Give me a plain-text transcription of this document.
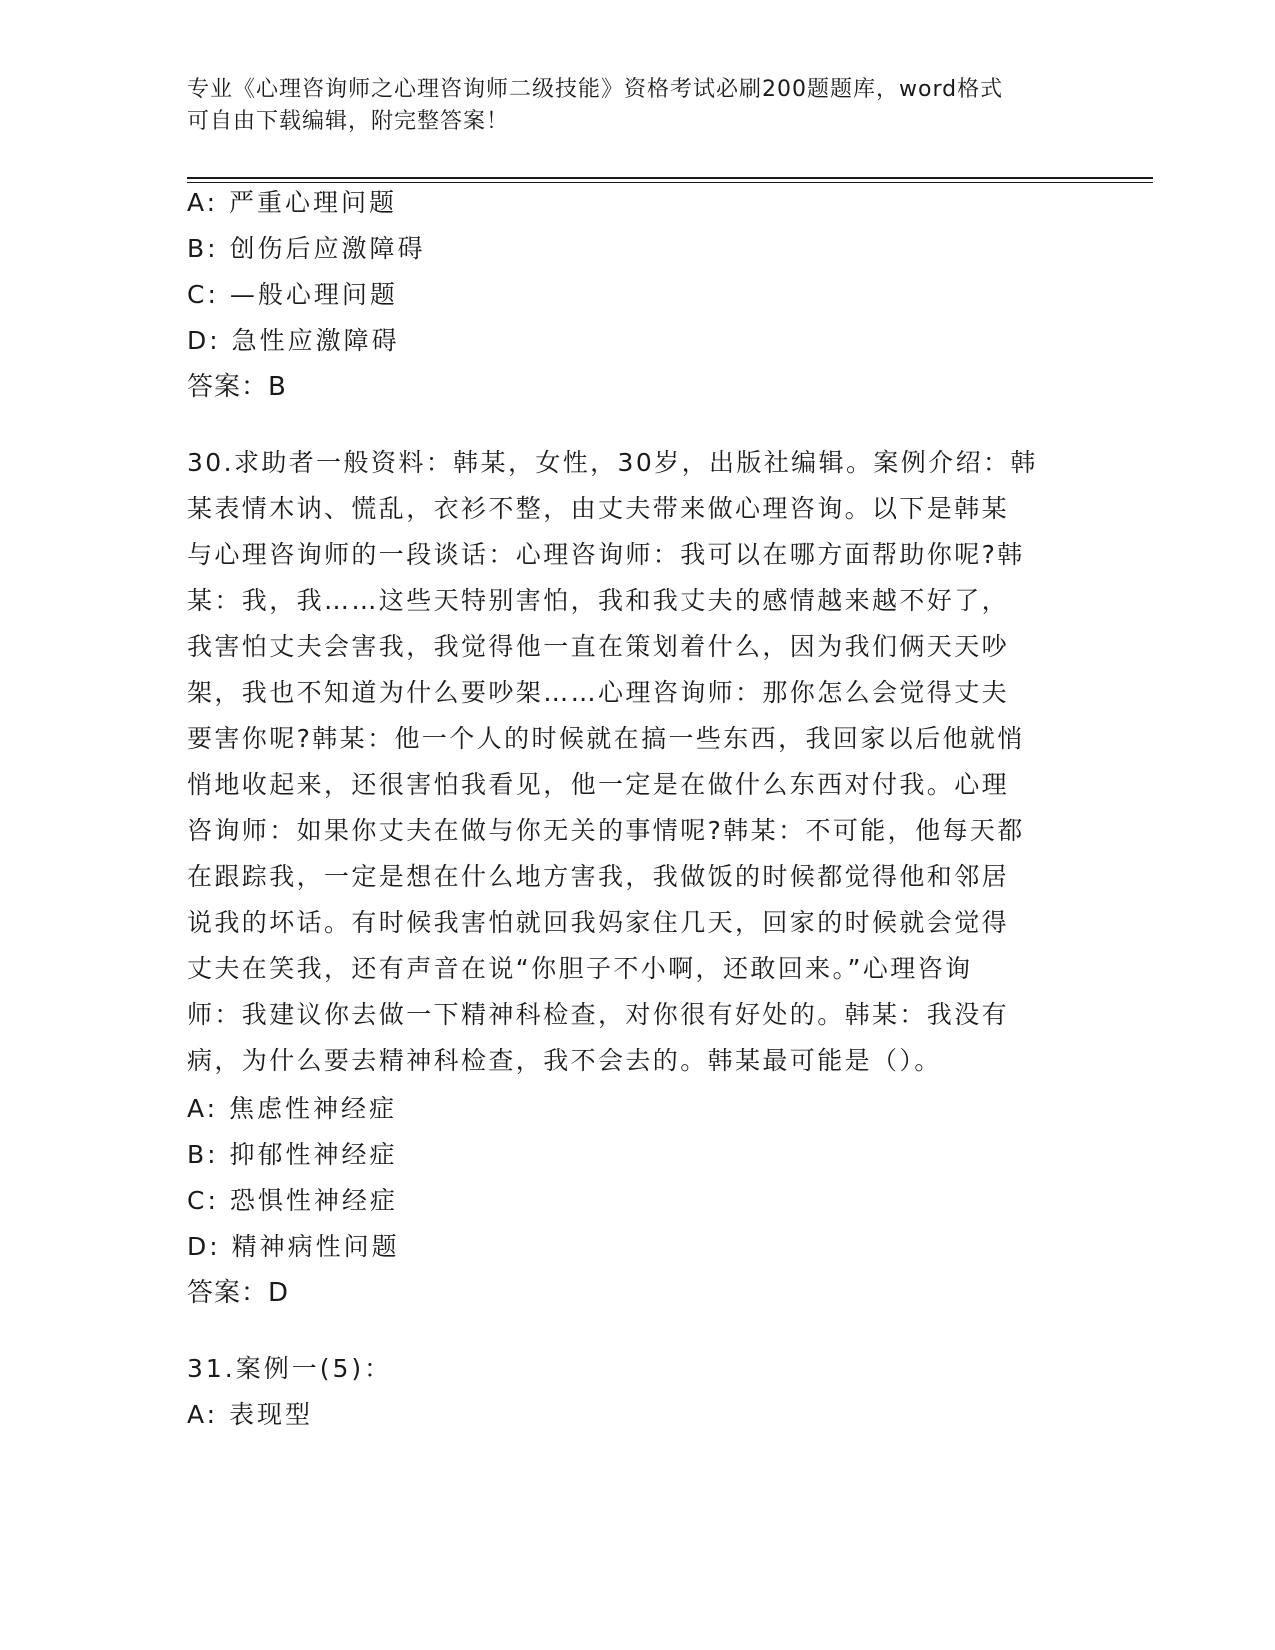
专业《心理咨询师之心理咨询师二级技能》资格考试必刷200题题库，word格式
可自由下载编辑，附完整答案！
A: 严重心理问题
B: 创伤后应激障碍
C: —般心理问题
D: 急性应激障碍
答案：B
30.求助者一般资料：韩某，女性，30岁，出版社编辑。案例介绍：韩
某表情木讷、慌乱，衣衫不整，由丈夫带来做心理咨询。以下是韩某
与心理咨询师的一段谈话：心理咨询师：我可以在哪方面帮助你呢?韩
某：我，我……这些天特别害怕，我和我丈夫的感情越来越不好了，
我害怕丈夫会害我，我觉得他一直在策划着什么，因为我们俩天天吵
架，我也不知道为什么要吵架……心理咨询师：那你怎么会觉得丈夫
要害你呢?韩某：他一个人的时候就在搞一些东西，我回家以后他就悄
悄地收起来，还很害怕我看见，他一定是在做什么东西对付我。心理
咨询师：如果你丈夫在做与你无关的事情呢?韩某：不可能，他每天都
在跟踪我，一定是想在什么地方害我，我做饭的时候都觉得他和邻居
说我的坏话。有时候我害怕就回我妈家住几天，回家的时候就会觉得
丈夫在笑我，还有声音在说“你胆子不小啊，还敢回来。”心理咨询
师：我建议你去做一下精神科检查，对你很有好处的。韩某：我没有
病，为什么要去精神科检查，我不会去的。韩某最可能是（）。
A: 焦虑性神经症
B: 抑郁性神经症
C: 恐惧性神经症
D: 精神病性问题
答案：D
31.案例一(5)：
A: 表现型
